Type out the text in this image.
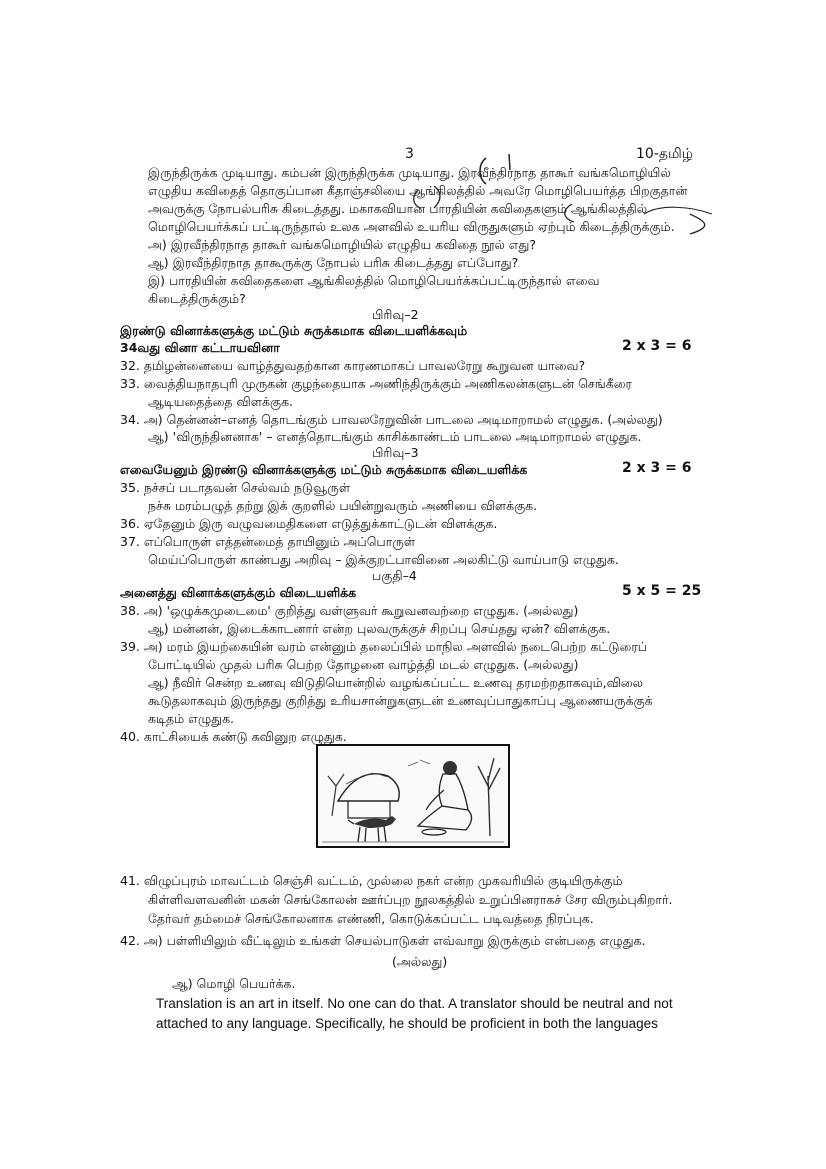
3	10-தமிழ்
இருந்திருக்க முடியாது. கம்பன் இருந்திருக்க முடியாது. இரவீந்திரநாத தாகூர் வங்கமொழியில்
எழுதிய கவிதைத் தொகுப்பான கீதாஞ்சலியை ஆங்கிலத்தில் அவரே மொழிபெயர்த்த பிறகுதான்
அவருக்கு நோபல்பரிசு கிடைத்தது. மகாகவியான பாரதியின் கவிதைகளும் ஆங்கிலத்தில்
மொழிபெயர்க்கப் பட்டிருந்தால் உலக அளவில் உயரிய விருதுகளும் ஏற்பும் கிடைத்திருக்கும்.
அ) இரவீந்திரநாத தாகூர் வங்கமொழியில் எழுதிய கவிதை நூல் எது?
ஆ) இரவீந்திரநாத தாகூருக்கு நோபல் பரிசு கிடைத்தது எப்போது?
இ) பாரதியின் கவிதைகளை ஆங்கிலத்தில் மொழிபெயர்க்கப்பட்டிருந்தால் எவை
கிடைத்திருக்கும்?
பிரிவு–2
இரண்டு வினாக்களுக்கு மட்டும் சுருக்கமாக விடையளிக்கவும்
34வது வினா கட்டாயவினா	2 x 3 = 6
32. தமிழன்னையை வாழ்த்துவதற்கான காரணமாகப் பாவலரேறு கூறுவன யாவை?
33. வைத்தியநாதபுரி முருகன் குழந்தையாக அணிந்திருக்கும் அணிகலன்களுடன் செங்கீரை
ஆடியதைத்தை விளக்குக.
34. அ) தென்னன்–எனத் தொடங்கும் பாவலரேறுவின் பாடலை அடிமாறாமல் எழுதுக. (அல்லது)
ஆ) 'விருந்தினனாக' – எனத்தொடங்கும் காசிக்காண்டம் பாடலை அடிமாறாமல் எழுதுக.
பிரிவு–3
எவையேனும் இரண்டு வினாக்களுக்கு மட்டும் சுருக்கமாக விடையளிக்க	2 x 3 = 6
35. நச்சப் படாதவன் செல்வம் நடுவூருள்
நச்சு மரம்பழுத் தற்று இக் குறளில் பயின்றுவரும் அணியை விளக்குக.
36. ஏதேனும் இரு வழுவமைதிகளை எடுத்துக்காட்டுடன் விளக்குக.
37. எப்பொருள் எத்தன்மைத் தாயினும் அப்பொருள்
மெய்ப்பொருள் காண்பது அறிவு – இக்குறட்பாவினை அலகிட்டு வாய்பாடு எழுதுக.
பகுதி–4
அனைத்து வினாக்களுக்கும் விடையளிக்க	5 x 5 = 25
38. அ) 'ஒழுக்கமுடைமை' குறித்து வள்ளுவர் கூறுவனவற்றை எழுதுக. (அல்லது)
ஆ) மன்னன், இடைக்காடனார் என்ற புலவருக்குச் சிறப்பு செய்தது ஏன்? விளக்குக.
39. அ) மரம் இயற்கையின் வரம் என்னும் தலைப்பில் மாநில அளவில் நடைபெற்ற கட்டுரைப்
போட்டியில் முதல் பரிசு பெற்ற தோழனை வாழ்த்தி மடல் எழுதுக. (அல்லது)
ஆ) நீவிர் சென்ற உணவு விடுதியொன்றில் வழங்கப்பட்ட உணவு தரமற்றதாகவும்,விலை
கூடுதலாகவும் இருந்தது குறித்து உரியசான்றுகளுடன் உணவுப்பாதுகாப்பு ஆணையருக்குக்
கடிதம் எழுதுக.
40. காட்சியைக் கண்டு கவினுற எழுதுக.
41. விழுப்புரம் மாவட்டம் செஞ்சி வட்டம், முல்லை நகர் என்ற முகவரியில் குடியிருக்கும்
கிள்ளிவளவனின் மகன் செங்கோலன் ஊர்ப்புற நூலகத்தில் உறுப்பினராகச் சேர விரும்புகிறார்.
தேர்வர் தம்மைச் செங்கோலனாக எண்ணி, கொடுக்கப்பட்ட படிவத்தை நிரப்புக.
42. அ) பள்ளியிலும் வீட்டிலும் உங்கள் செயல்பாடுகள் எவ்வாறு இருக்கும் என்பதை எழுதுக.
(அல்லது)
ஆ) மொழி பெயர்க்க.
Translation is an art in itself. No one can do that. A translator should be neutral and not
attached to any language. Specifically, he should be proficient in both the languages
